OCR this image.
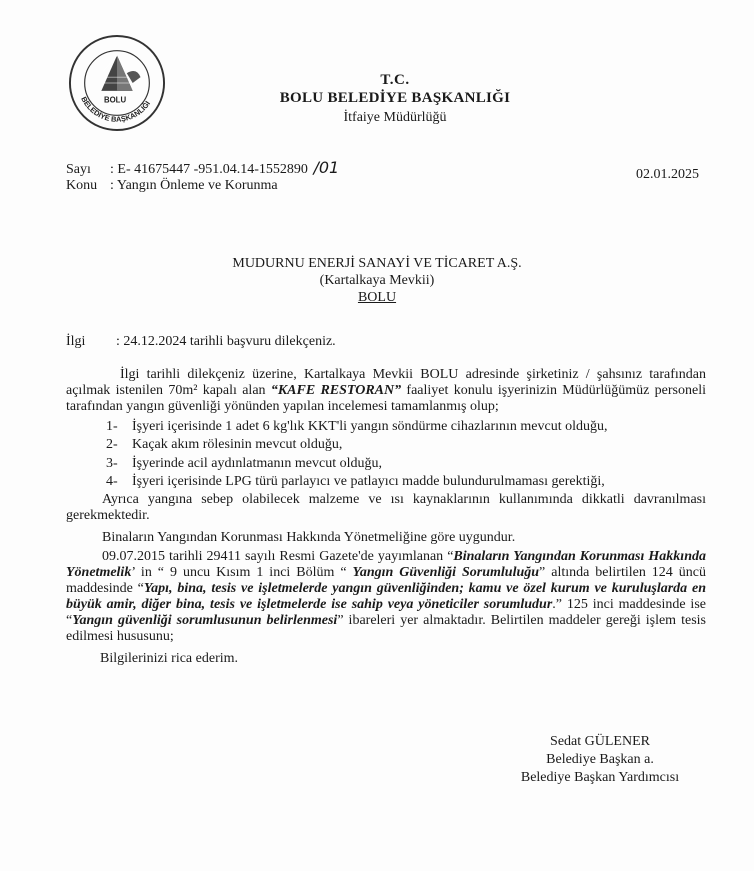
BOLU
BELEDİYE BAŞKANLIĞI
T.C.
BOLU BELEDİYE BAŞKANLIĞI
İtfaiye Müdürlüğü
Sayı : E- 41675447 -951.04.14-1552890 /01
Konu : Yangın Önleme ve Korunma
02.01.2025
MUDURNU ENERJİ SANAYİ VE TİCARET A.Ş.
(Kartalkaya Mevkii)
BOLU
İlgi : 24.12.2024 tarihli başvuru dilekçeniz.
İlgi tarihli dilekçeniz üzerine, Kartalkaya Mevkii BOLU adresinde şirketiniz / şahsınız tarafından açılmak istenilen 70m² kapalı alan “KAFE RESTORAN” faaliyet konulu işyerinizin Müdürlüğümüz personeli tarafından yangın güvenliği yönünden yapılan incelemesi tamamlanmış olup;
1- İşyeri içerisinde 1 adet 6 kg'lık KKT'li yangın söndürme cihazlarının mevcut olduğu,
2- Kaçak akım rölesinin mevcut olduğu,
3- İşyerinde acil aydınlatmanın mevcut olduğu,
4- İşyeri içerisinde LPG türü parlayıcı ve patlayıcı madde bulundurulmaması gerektiği,
Ayrıca yangına sebep olabilecek malzeme ve ısı kaynaklarının kullanımında dikkatli davranılması gerekmektedir.
Binaların Yangından Korunması Hakkında Yönetmeliğine göre uygundur.
09.07.2015 tarihli 29411 sayılı Resmi Gazete'de yayımlanan “Binaların Yangından Korunması Hakkında Yönetmelik’ in “ 9 uncu Kısım 1 inci Bölüm “ Yangın Güvenliği Sorumluluğu” altında belirtilen 124 üncü maddesinde “Yapı, bina, tesis ve işletmelerde yangın güvenliğinden; kamu ve özel kurum ve kuruluşlarda en büyük amir, diğer bina, tesis ve işletmelerde ise sahip veya yöneticiler sorumludur.” 125 inci maddesinde ise “Yangın güvenliği sorumlusunun belirlenmesi” ibareleri yer almaktadır. Belirtilen maddeler gereği işlem tesis edilmesi hususunu;
Bilgilerinizi rica ederim.
Sedat GÜLENER
Belediye Başkan a.
Belediye Başkan Yardımcısı
